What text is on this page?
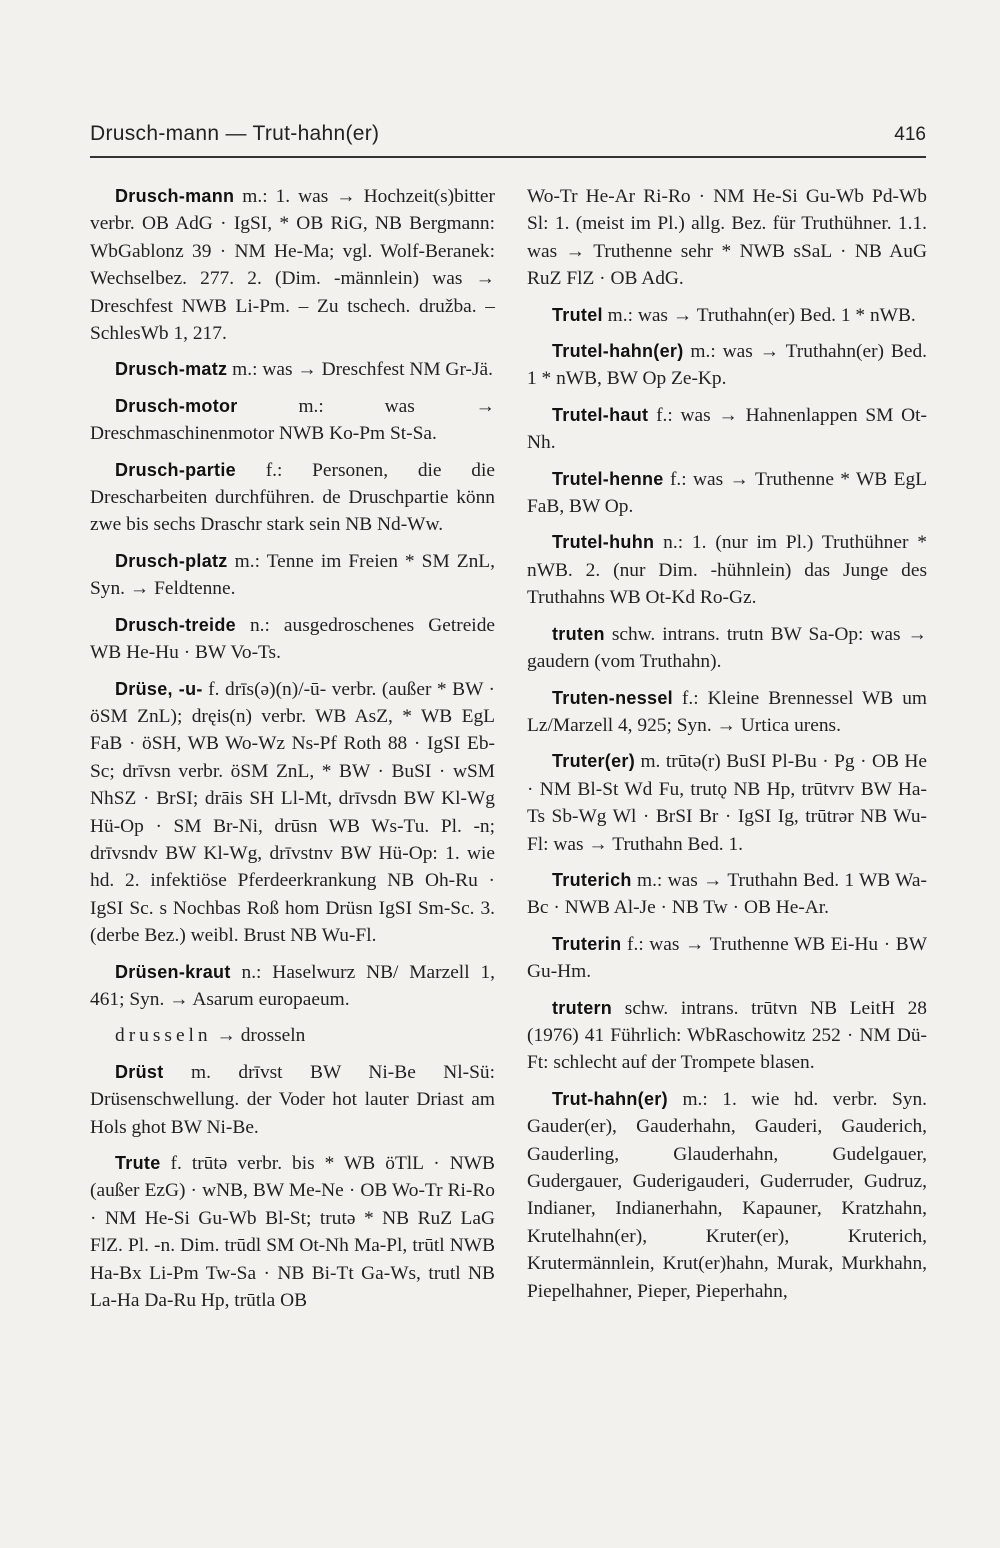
Drusch-mann — Trut-hahn(er)	416

Drusch-mann m.: 1. was → Hochzeit(s)bitter verbr. OB AdG · IgSI, * OB RiG, NB Bergmann: WbGablonz 39 · NM He-Ma; vgl. Wolf-Beranek: Wechselbez. 277. 2. (Dim. -männlein) was → Dreschfest NWB Li-Pm. – Zu tschech. družba. – SchlesWb 1, 217.

Drusch-matz m.: was → Dreschfest NM Gr-Jä.

Drusch-motor m.: was → Dreschmaschinenmotor NWB Ko-Pm St-Sa.

Drusch-partie f.: Personen, die die Drescharbeiten durchführen. de Druschpartie könn zwe bis sechs Draschr stark sein NB Nd-Ww.

Drusch-platz m.: Tenne im Freien * SM ZnL, Syn. → Feldtenne.

Drusch-treide n.: ausgedroschenes Getreide WB He-Hu · BW Vo-Ts.

Drüse, -u- f. drīs(ə)(n)/-ū- verbr. (außer * BW · öSM ZnL); dręis(n) verbr. WB AsZ, * WB EgL FaB · öSH, WB Wo-Wz Ns-Pf Roth 88 · IgSI Eb-Sc; drīvsn verbr. öSM ZnL, * BW · BuSI · wSM NhSZ · BrSI; drāis SH Ll-Mt, drīvsdn BW Kl-Wg Hü-Op · SM Br-Ni, drūsn WB Ws-Tu. Pl. -n; drīvsndv BW Kl-Wg, drīvstnv BW Hü-Op: 1. wie hd. 2. infektiöse Pferdeerkrankung NB Oh-Ru · IgSI Sc. s Nochbas Roß hom Drüsn IgSI Sm-Sc. 3. (derbe Bez.) weibl. Brust NB Wu-Fl.

Drüsen-kraut n.: Haselwurz NB/ Marzell 1, 461; Syn. → Asarum europaeum.

drusseln → drosseln

Drüst m. drīvst BW Ni-Be Nl-Sü: Drüsenschwellung. der Voder hot lauter Driast am Hols ghot BW Ni-Be.

Trute f. trūtə verbr. bis * WB öTlL · NWB (außer EzG) · wNB, BW Me-Ne · OB Wo-Tr Ri-Ro · NM He-Si Gu-Wb Bl-St; trutə * NB RuZ LaG FlZ. Pl. -n. Dim. trūdl SM Ot-Nh Ma-Pl, trūtl NWB Ha-Bx Li-Pm Tw-Sa · NB Bi-Tt Ga-Ws, trutl NB La-Ha Da-Ru Hp, trūtla OB

Wo-Tr He-Ar Ri-Ro · NM He-Si Gu-Wb Pd-Wb Sl: 1. (meist im Pl.) allg. Bez. für Truthühner. 1.1. was → Truthenne sehr * NWB sSaL · NB AuG RuZ FlZ · OB AdG.

Trutel m.: was → Truthahn(er) Bed. 1 * nWB.

Trutel-hahn(er) m.: was → Truthahn(er) Bed. 1 * nWB, BW Op Ze-Kp.

Trutel-haut f.: was → Hahnenlappen SM Ot-Nh.

Trutel-henne f.: was → Truthenne * WB EgL FaB, BW Op.

Trutel-huhn n.: 1. (nur im Pl.) Truthühner * nWB. 2. (nur Dim. -hühnlein) das Junge des Truthahns WB Ot-Kd Ro-Gz.

truten schw. intrans. trutn BW Sa-Op: was → gaudern (vom Truthahn).

Truten-nessel f.: Kleine Brennessel WB um Lz/Marzell 4, 925; Syn. → Urtica urens.

Truter(er) m. trūtə(r) BuSI Pl-Bu · Pg · OB He · NM Bl-St Wd Fu, trutǫ NB Hp, trūtvrv BW Ha-Ts Sb-Wg Wl · BrSI Br · IgSI Ig, trūtrər NB Wu-Fl: was → Truthahn Bed. 1.

Truterich m.: was → Truthahn Bed. 1 WB Wa-Bc · NWB Al-Je · NB Tw · OB He-Ar.

Truterin f.: was → Truthenne WB Ei-Hu · BW Gu-Hm.

trutern schw. intrans. trūtvn NB LeitH 28 (1976) 41 Führlich: WbRaschowitz 252 · NM Dü-Ft: schlecht auf der Trompete blasen.

Trut-hahn(er) m.: 1. wie hd. verbr. Syn. Gauder(er), Gauderhahn, Gauderi, Gauderich, Gauderling, Glauderhahn, Gudelgauer, Gudergauer, Guderigauderi, Guderruder, Gudruz, Indianer, Indianerhahn, Kapauner, Kratzhahn, Krutelhahn(er), Kruter(er), Kruterich, Krutermännlein, Krut(er)hahn, Murak, Murkhahn, Piepelhahner, Pieper, Pieperhahn,
